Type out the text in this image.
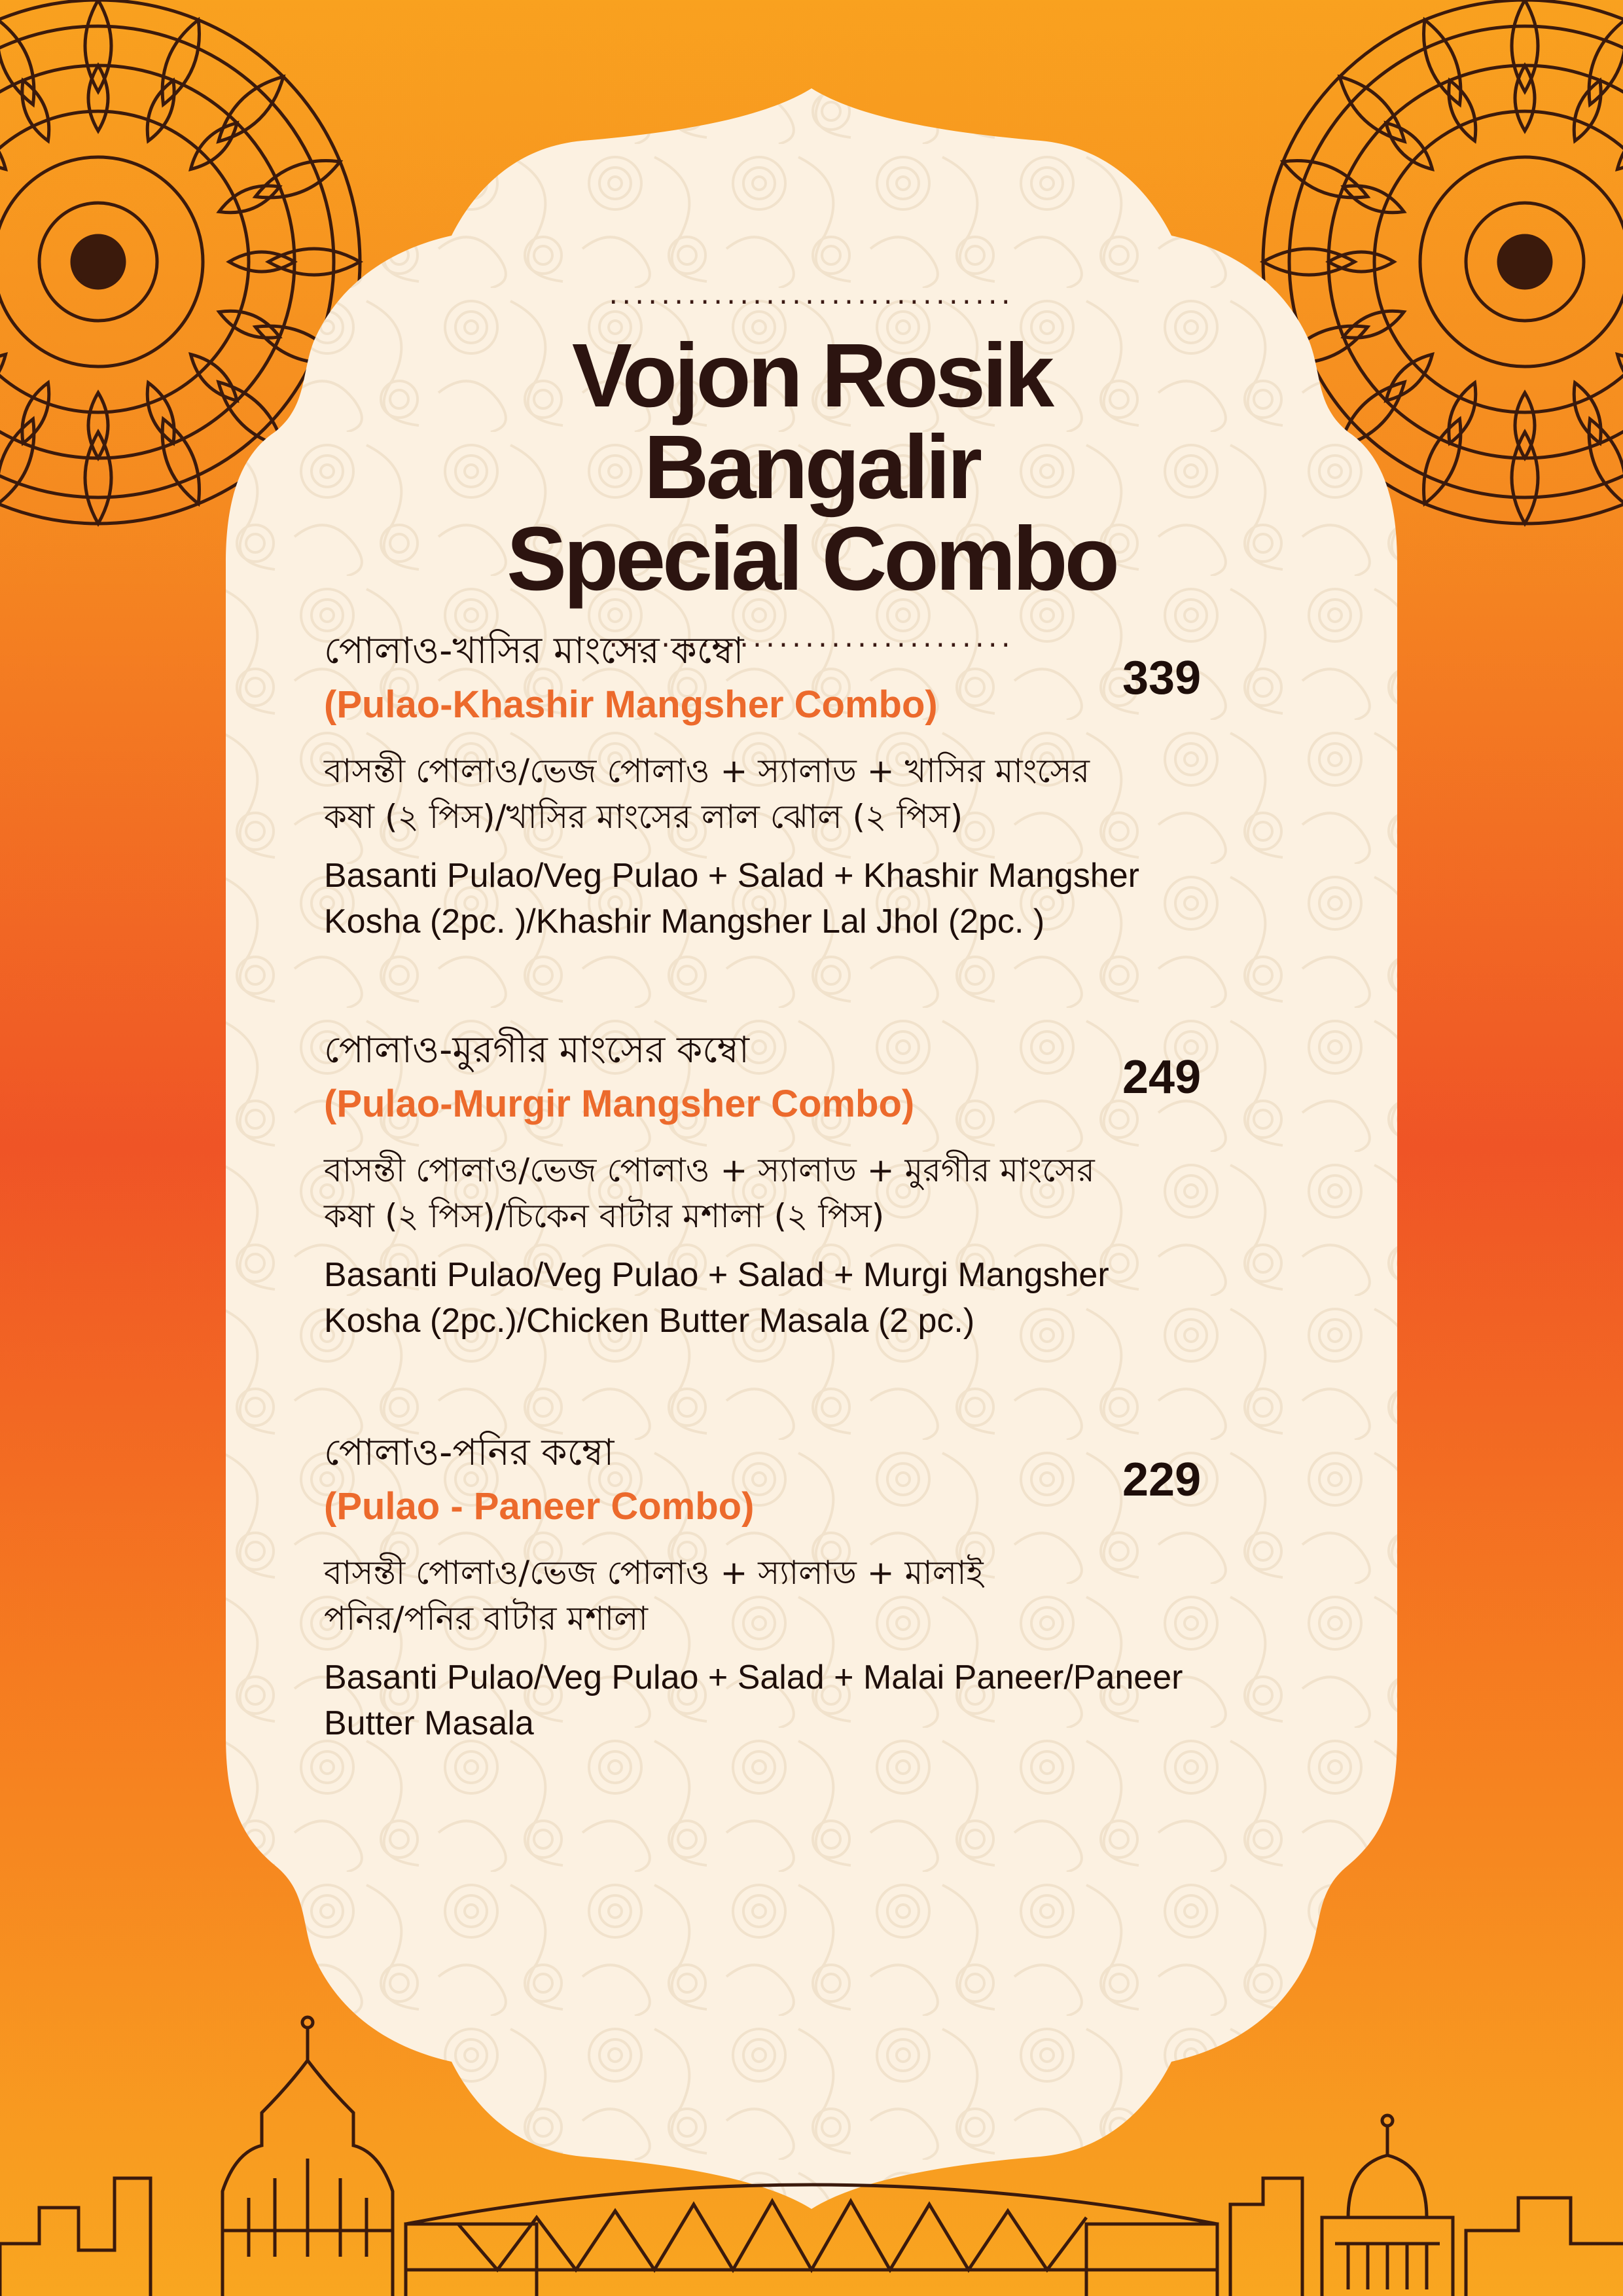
...............................
Vojon Rosik Bangalir
Special Combo
...............................
পোলাও-খাসির মাংসের কম্বো
(Pulao-Khashir Mangsher Combo)
339
বাসন্তী পোলাও/ভেজ পোলাও + স্যালাড + খাসির মাংসের
কষা (২ পিস)/খাসির মাংসের লাল ঝোল (২ পিস)
Basanti Pulao/Veg Pulao + Salad + Khashir Mangsher
Kosha (2pc. )/Khashir Mangsher Lal Jhol (2pc. )
পোলাও-মুরগীর মাংসের কম্বো
(Pulao-Murgir Mangsher Combo)
249
বাসন্তী পোলাও/ভেজ পোলাও + স্যালাড + মুরগীর মাংসের
কষা (২ পিস)/চিকেন বাটার মশালা (২ পিস)
Basanti Pulao/Veg Pulao + Salad + Murgi Mangsher
Kosha (2pc.)/Chicken Butter Masala (2 pc.)
পোলাও-পনির কম্বো
(Pulao - Paneer Combo)
229
বাসন্তী পোলাও/ভেজ পোলাও + স্যালাড + মালাই
পনির/পনির বাটার মশালা
Basanti Pulao/Veg Pulao + Salad + Malai Paneer/Paneer
Butter Masala
